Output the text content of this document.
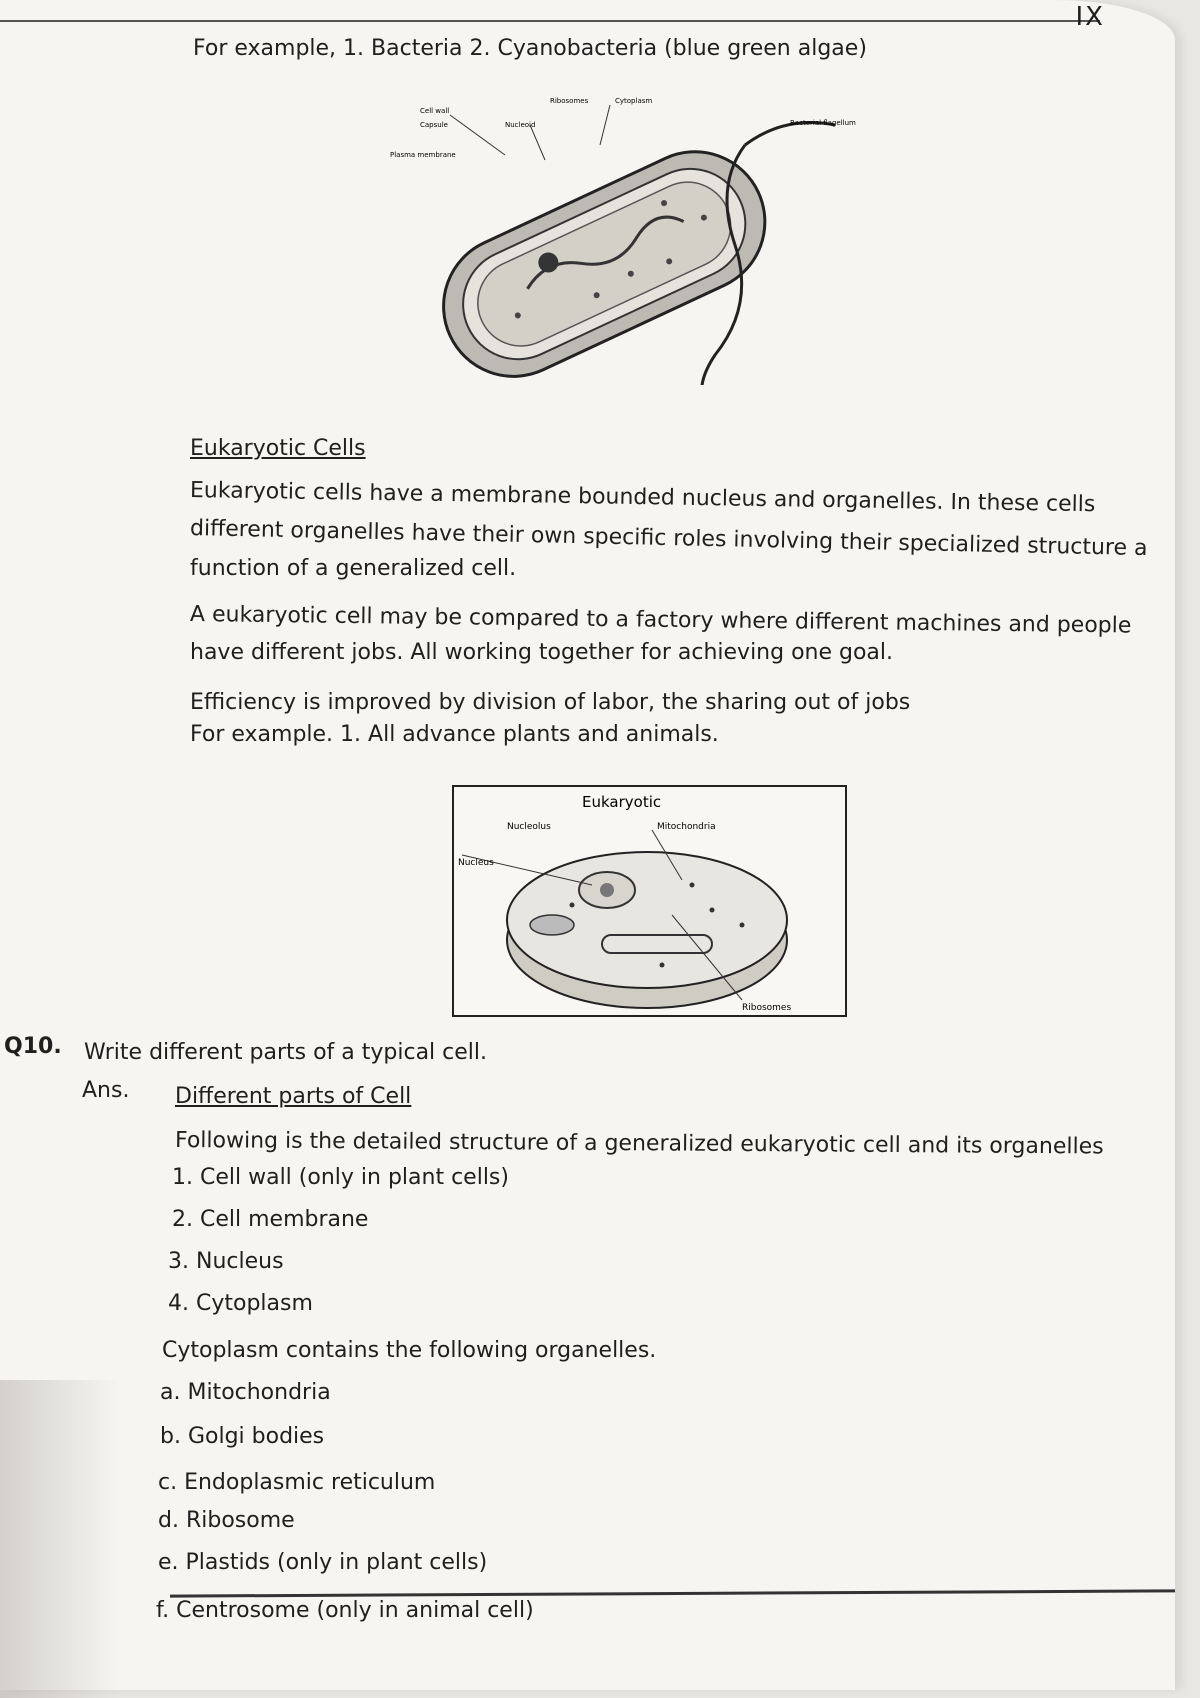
IX
For example, 1. Bacteria 2. Cyanobacteria (blue green algae)
Cell wall
Capsule
Ribosomes	Cytoplasm
Nucleoid
Plasma membrane
Bacterial flagellum
Eukaryotic Cells
Eukaryotic cells have a membrane bounded nucleus and organelles. In these cells
different organelles have their own specific roles involving their specialized structure a
function of a generalized cell.
A eukaryotic cell may be compared to a factory where different machines and people
have different jobs. All working together for achieving one goal.
Efficiency is improved by division of labor, the sharing out of jobs
For example. 1. All advance plants and animals.
Eukaryotic
Nucleolus	Mitochondria
Nucleus
Ribosomes
Q10. Write different parts of a typical cell.
Ans. Different parts of Cell
Following is the detailed structure of a generalized eukaryotic cell and its organelles
1. Cell wall (only in plant cells)
2. Cell membrane
3. Nucleus
4. Cytoplasm
Cytoplasm contains the following organelles.
a. Mitochondria
b. Golgi bodies
c. Endoplasmic reticulum
d. Ribosome
e. Plastids (only in plant cells)
f. Centrosome (only in animal cell)
